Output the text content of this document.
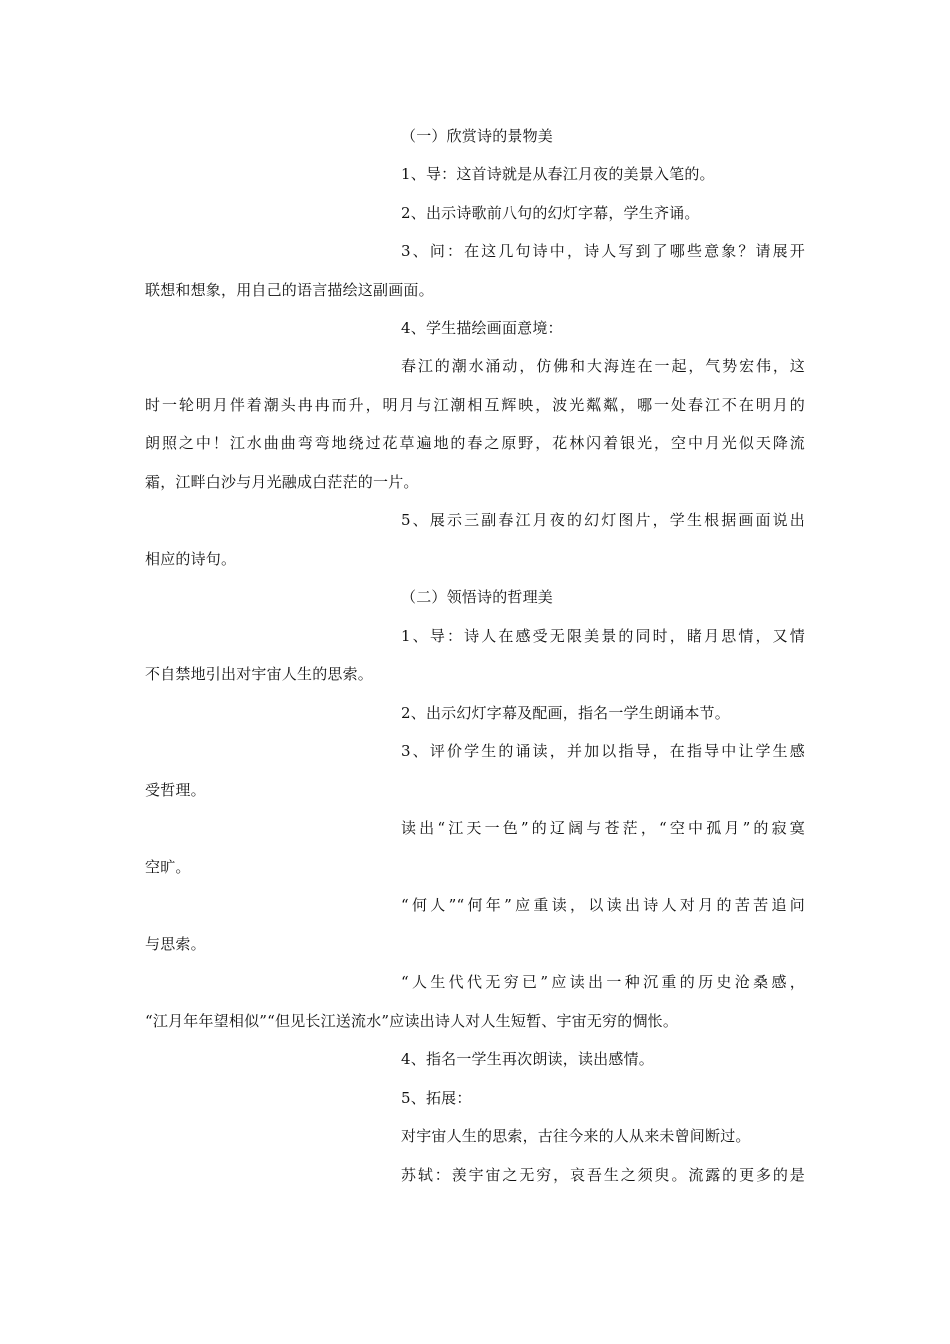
（一）欣赏诗的景物美
1、导：这首诗就是从春江月夜的美景入笔的。
2、出示诗歌前八句的幻灯字幕，学生齐诵。
3、问：在这几句诗中，诗人写到了哪些意象？请展开
联想和想象，用自己的语言描绘这副画面。
4、学生描绘画面意境：
春江的潮水涌动，仿佛和大海连在一起，气势宏伟，这
时一轮明月伴着潮头冉冉而升，明月与江潮相互辉映，波光粼粼，哪一处春江不在明月的
朗照之中！江水曲曲弯弯地绕过花草遍地的春之原野，花林闪着银光，空中月光似天降流
霜，江畔白沙与月光融成白茫茫的一片。
5、展示三副春江月夜的幻灯图片，学生根据画面说出
相应的诗句。
（二）领悟诗的哲理美
1、导：诗人在感受无限美景的同时，睹月思情，又情
不自禁地引出对宇宙人生的思索。
2、出示幻灯字幕及配画，指名一学生朗诵本节。
3、评价学生的诵读，并加以指导，在指导中让学生感
受哲理。
读出“江天一色”的辽阔与苍茫，“空中孤月”的寂寞
空旷。
“何人”“何年”应重读，以读出诗人对月的苦苦追问
与思索。
“人生代代无穷已”应读出一种沉重的历史沧桑感，
“江月年年望相似”“但见长江送流水”应读出诗人对人生短暂、宇宙无穷的惆怅。
4、指名一学生再次朗读，读出感情。
5、拓展：
对宇宙人生的思索，古往今来的人从来未曾间断过。
苏轼：羡宇宙之无穷，哀吾生之须臾。流露的更多的是
